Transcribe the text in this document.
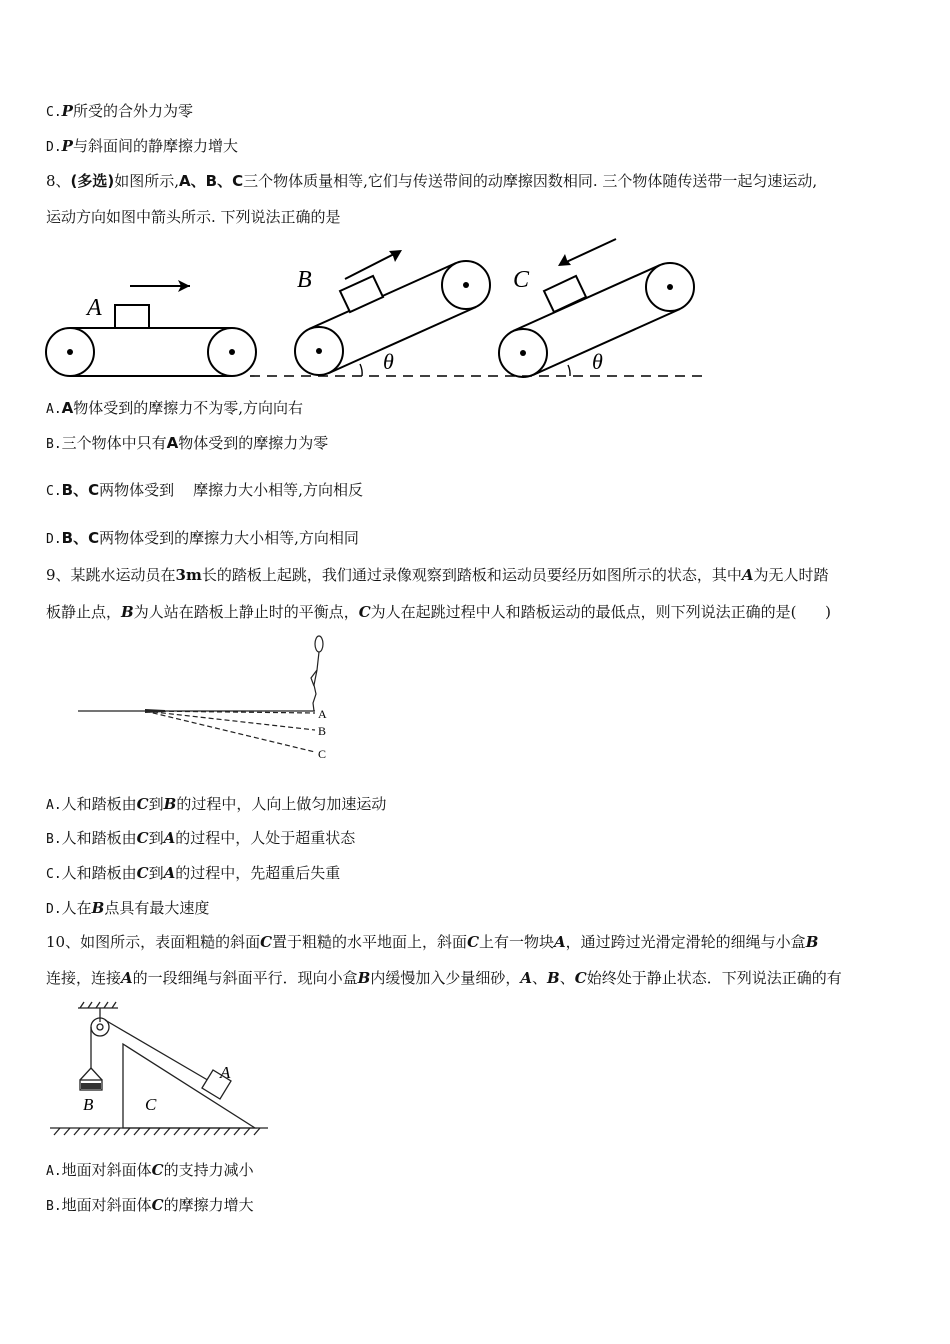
C.P所受的合外力为零
D.P与斜面间的静摩擦力增大
8、(多选)如图所示,A、B、C三个物体质量相等,它们与传送带间的动摩擦因数相同. 三个物体随传送带一起匀速运动,
运动方向如图中箭头所示. 下列说法正确的是
A
B	C
θ	θ
A.A物体受到的摩擦力不为零,方向向右
B.三个物体中只有A物体受到的摩擦力为零
C.B、C两物体受到    摩擦力大小相等,方向相反
D.B、C两物体受到的摩擦力大小相等,方向相同
9、某跳水运动员在3m长的踏板上起跳，我们通过录像观察到踏板和运动员要经历如图所示的状态，其中A为无人时踏
板静止点，B为人站在踏板上静止时的平衡点，C为人在起跳过程中人和踏板运动的最低点，则下列说法正确的是(      )
A
B
C
A.人和踏板由C到B的过程中，人向上做匀加速运动
B.人和踏板由C到A的过程中，人处于超重状态
C.人和踏板由C到A的过程中，先超重后失重
D.人在B点具有最大速度
10、如图所示，表面粗糙的斜面C置于粗糙的水平地面上，斜面C上有一物块A，通过跨过光滑定滑轮的细绳与小盒B
连接，连接A的一段细绳与斜面平行．现向小盒B内缓慢加入少量细砂，A、B、C始终处于静止状态．下列说法正确的有
A
B	C
A.地面对斜面体C的支持力减小
B.地面对斜面体C的摩擦力增大
